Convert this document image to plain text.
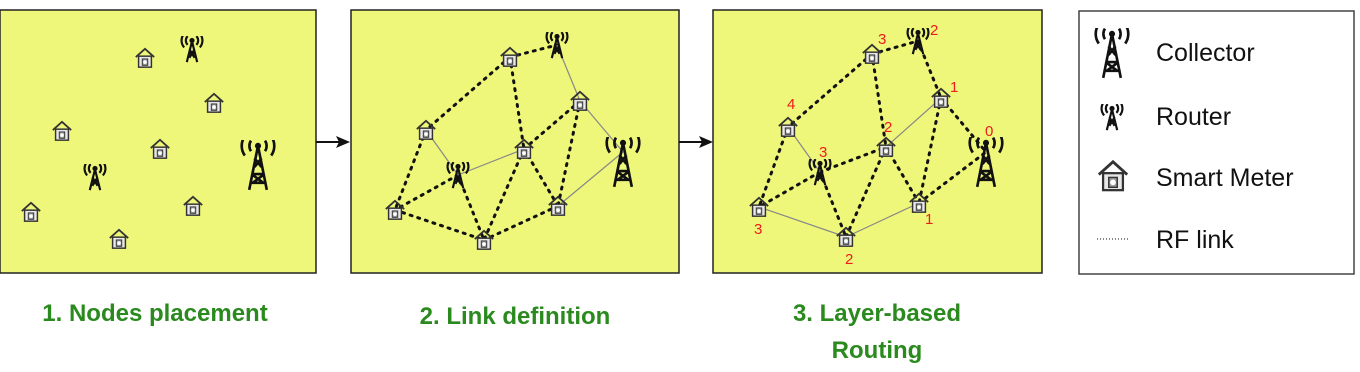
3
2
1
0
4
3
2
1
3
2
Collector
Router
Smart Meter
RF link
1. Nodes placement	2. Link definition	3. Layer-based
Routing
